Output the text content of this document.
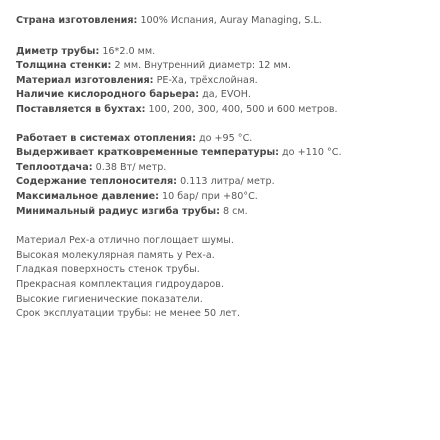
Страна изготовления: 100% Испания, Auray Managing, S.L.
Диметр трубы: 16*2.0 мм.
Толщина стенки: 2 мм. Внутренний диаметр: 12 мм.
Материал изготовления: PE-Xa, трёхслойная.
Наличие кислородного барьера: да, EVOH.
Поставляется в бухтах: 100, 200, 300, 400, 500 и 600 метров.
Работает в системах отопления: до +95 °С.
Выдерживает кратковременные температуры: до +110 °С.
Теплоотдача: 0.38 Вт/ метр.
Содержание теплоносителя: 0.113 литра/ метр.
Максимальное давление: 10 бар/ при +80°С.
Минимальный радиус изгиба трубы: 8 см.
Материал Pex-a отлично поглощает шумы.
Высокая молекулярная память у Pex-a.
Гладкая поверхность стенок трубы.
Прекрасная комплектация гидроударов.
Высокие гигиенические показатели.
Срок эксплуатации трубы: не менее 50 лет.
